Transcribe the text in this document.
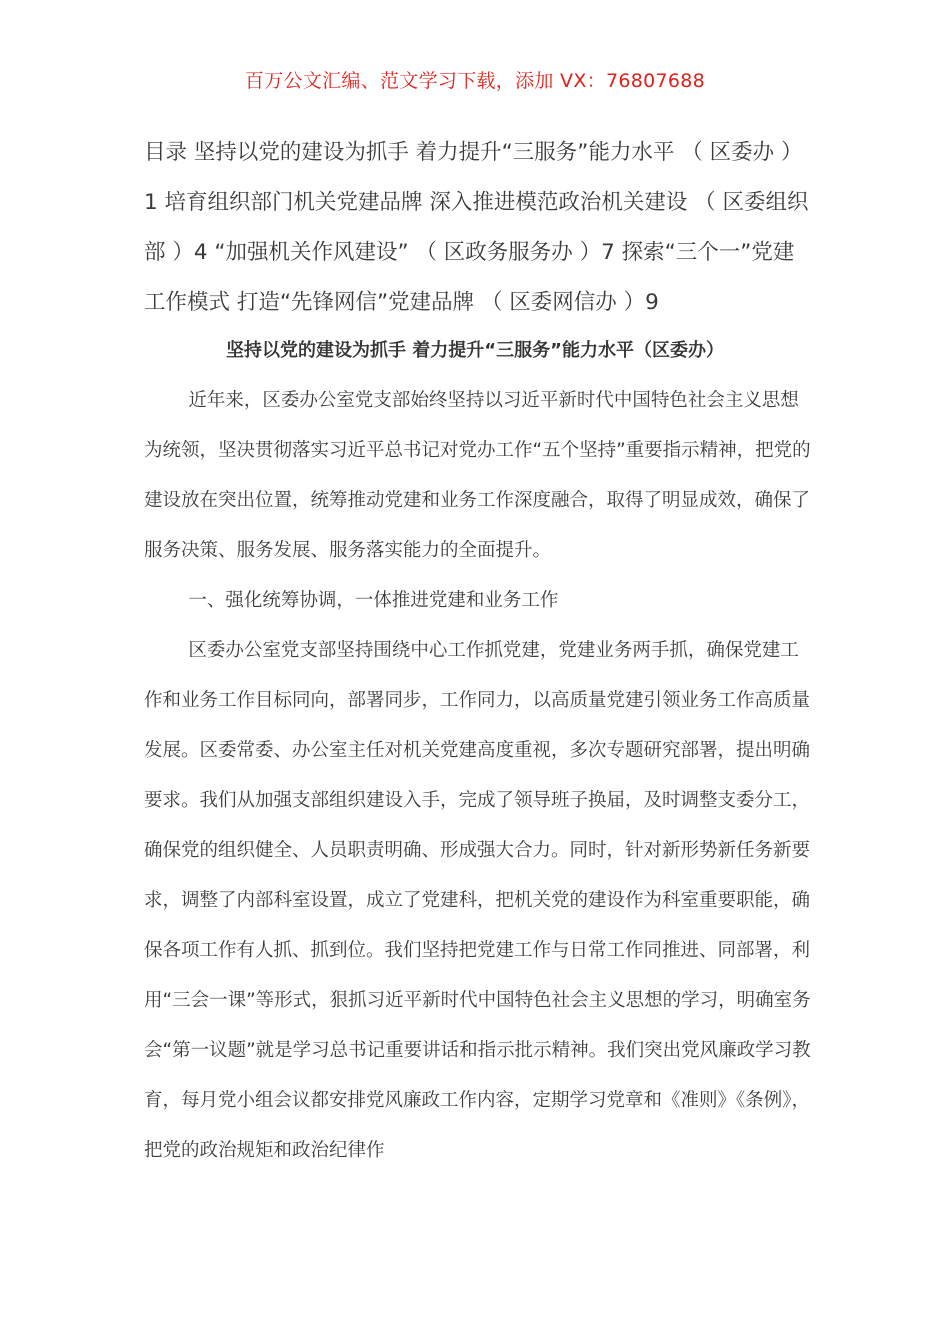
百万公文汇编、范文学习下载，添加 VX：76807688
目录 坚持以党的建设为抓手 着力提升“三服务”能力水平 （ 区委办 ）1 培育组织部门机关党建品牌 深入推进模范政治机关建设 （ 区委组织部 ）4 “加强机关作风建设” （ 区政务服务办 ）7 探索“三个一”党建工作模式 打造“先锋网信”党建品牌 （ 区委网信办 ）9
坚持以党的建设为抓手 着力提升“三服务”能力水平（区委办）

近年来，区委办公室党支部始终坚持以习近平新时代中国特色社会主义思想为统领，坚决贯彻落实习近平总书记对党办工作“五个坚持”重要指示精神，把党的建设放在突出位置，统筹推动党建和业务工作深度融合，取得了明显成效，确保了服务决策、服务发展、服务落实能力的全面提升。

一、强化统筹协调，一体推进党建和业务工作

区委办公室党支部坚持围绕中心工作抓党建，党建业务两手抓，确保党建工作和业务工作目标同向，部署同步，工作同力，以高质量党建引领业务工作高质量发展。区委常委、办公室主任对机关党建高度重视，多次专题研究部署，提出明确要求。我们从加强支部组织建设入手，完成了领导班子换届，及时调整支委分工，确保党的组织健全、人员职责明确、形成强大合力。同时，针对新形势新任务新要求，调整了内部科室设置，成立了党建科，把机关党的建设作为科室重要职能，确保各项工作有人抓、抓到位。我们坚持把党建工作与日常工作同推进、同部署，利用“三会一课”等形式，狠抓习近平新时代中国特色社会主义思想的学习，明确室务会“第一议题”就是学习总书记重要讲话和指示批示精神。我们突出党风廉政学习教育，每月党小组会议都安排党风廉政工作内容，定期学习党章和《准则》《条例》，把党的政治规矩和政治纪律作
